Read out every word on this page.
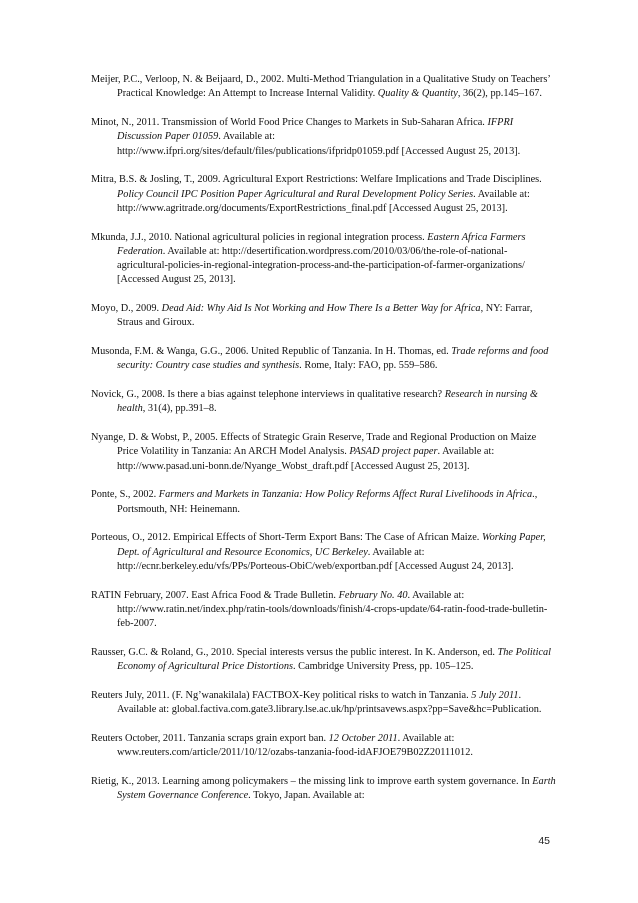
Meijer, P.C., Verloop, N. & Beijaard, D., 2002. Multi-Method Triangulation in a Qualitative Study on Teachers’ Practical Knowledge: An Attempt to Increase Internal Validity. Quality & Quantity, 36(2), pp.145–167.

Minot, N., 2011. Transmission of World Food Price Changes to Markets in Sub-Saharan Africa. IFPRI Discussion Paper 01059. Available at: http://www.ifpri.org/sites/default/files/publications/ifpridp01059.pdf [Accessed August 25, 2013].

Mitra, B.S. & Josling, T., 2009. Agricultural Export Restrictions: Welfare Implications and Trade Disciplines. Policy Council IPC Position Paper Agricultural and Rural Development Policy Series. Available at: http://www.agritrade.org/documents/ExportRestrictions_final.pdf [Accessed August 25, 2013].

Mkunda, J.J., 2010. National agricultural policies in regional integration process. Eastern Africa Farmers Federation. Available at: http://desertification.wordpress.com/2010/03/06/the-role-of-national-agricultural-policies-in-regional-integration-process-and-the-participation-of-farmer-organizations/ [Accessed August 25, 2013].

Moyo, D., 2009. Dead Aid: Why Aid Is Not Working and How There Is a Better Way for Africa, NY: Farrar, Straus and Giroux.

Musonda, F.M. & Wanga, G.G., 2006. United Republic of Tanzania. In H. Thomas, ed. Trade reforms and food security: Country case studies and synthesis. Rome, Italy: FAO, pp. 559–586.

Novick, G., 2008. Is there a bias against telephone interviews in qualitative research? Research in nursing & health, 31(4), pp.391–8.

Nyange, D. & Wobst, P., 2005. Effects of Strategic Grain Reserve, Trade and Regional Production on Maize Price Volatility in Tanzania: An ARCH Model Analysis. PASAD project paper. Available at: http://www.pasad.uni-bonn.de/Nyange_Wobst_draft.pdf [Accessed August 25, 2013].

Ponte, S., 2002. Farmers and Markets in Tanzania: How Policy Reforms Affect Rural Livelihoods in Africa., Portsmouth, NH: Heinemann.

Porteous, O., 2012. Empirical Effects of Short-Term Export Bans: The Case of African Maize. Working Paper, Dept. of Agricultural and Resource Economics, UC Berkeley. Available at: http://ecnr.berkeley.edu/vfs/PPs/Porteous-ObiC/web/exportban.pdf [Accessed August 24, 2013].

RATIN February, 2007. East Africa Food & Trade Bulletin. February No. 40. Available at: http://www.ratin.net/index.php/ratin-tools/downloads/finish/4-crops-update/64-ratin-food-trade-bulletin-feb-2007.

Rausser, G.C. & Roland, G., 2010. Special interests versus the public interest. In K. Anderson, ed. The Political Economy of Agricultural Price Distortions. Cambridge University Press, pp. 105–125.

Reuters July, 2011. (F. Ng’wanakilala) FACTBOX-Key political risks to watch in Tanzania. 5 July 2011. Available at: global.factiva.com.gate3.library.lse.ac.uk/hp/printsavews.aspx?pp=Save&hc=Publication.

Reuters October, 2011. Tanzania scraps grain export ban. 12 October 2011. Available at: www.reuters.com/article/2011/10/12/ozabs-tanzania-food-idAFJOE79B02Z20111012.

Rietig, K., 2013. Learning among policymakers – the missing link to improve earth system governance. In Earth System Governance Conference. Tokyo, Japan. Available at:

45
